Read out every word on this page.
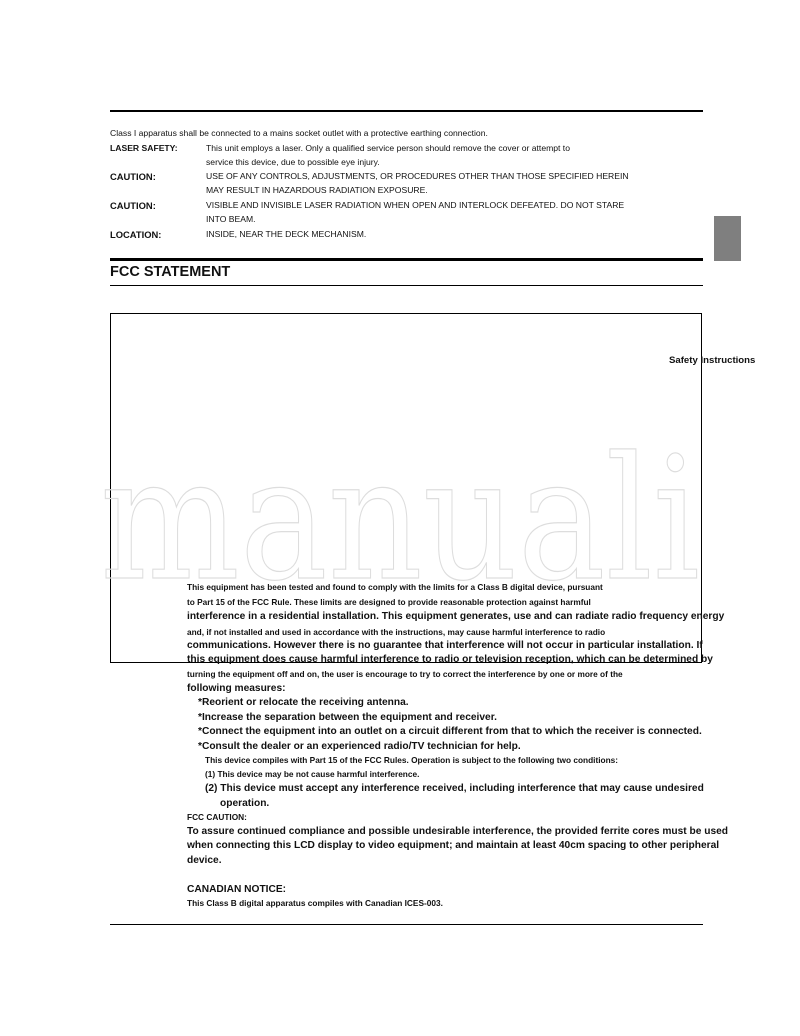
Class I apparatus shall be connected to a mains socket outlet with a protective earthing connection.
LASER SAFETY:	This unit employs a laser. Only a qualified service person should remove the cover or attempt to
service this device, due to possible eye injury.
CAUTION:	USE OF ANY CONTROLS, ADJUSTMENTS, OR PROCEDURES OTHER THAN THOSE SPECIFIED HEREIN
MAY RESULT IN HAZARDOUS RADIATION EXPOSURE.
CAUTION:	VISIBLE AND INVISIBLE LASER RADIATION WHEN OPEN AND INTERLOCK DEFEATED. DO NOT STARE
INTO BEAM.
LOCATION:	INSIDE, NEAR THE DECK MECHANISM.
FCC STATEMENT
Safety Instructions
manuali
This equipment has been tested and found to comply with the limits for a Class B digital device, pursuant
to Part 15 of the FCC Rule. These limits are designed to provide reasonable protection against harmful
interference in a residential installation. This equipment generates, use and can radiate radio frequency energy
and, if not installed and used in accordance with the instructions, may cause harmful interference to radio
communications. However there is no guarantee that interference will not occur in particular installation. If
this equipment does cause harmful interference to radio or television reception, which can be determined by
turning the equipment off and on, the user is encourage to try to correct the interference by one or more of the
following measures:
*Reorient or relocate the receiving antenna.
*Increase the separation between the equipment and receiver.
*Connect the equipment into an outlet on a circuit different from that to which the receiver is connected.
*Consult the dealer or an experienced radio/TV technician for help.
This device compiles with Part 15 of the FCC Rules. Operation is subject to the following two conditions:
(1) This device may be not cause harmful interference.
(2) This device must accept any interference received, including interference that may cause undesired
operation.
FCC CAUTION:
To assure continued compliance and possible undesirable interference, the provided ferrite cores must be used
when connecting this LCD display to video equipment; and maintain at least 40cm spacing to other peripheral
device.
CANADIAN NOTICE:
This Class B digital apparatus compiles with Canadian ICES-003.
